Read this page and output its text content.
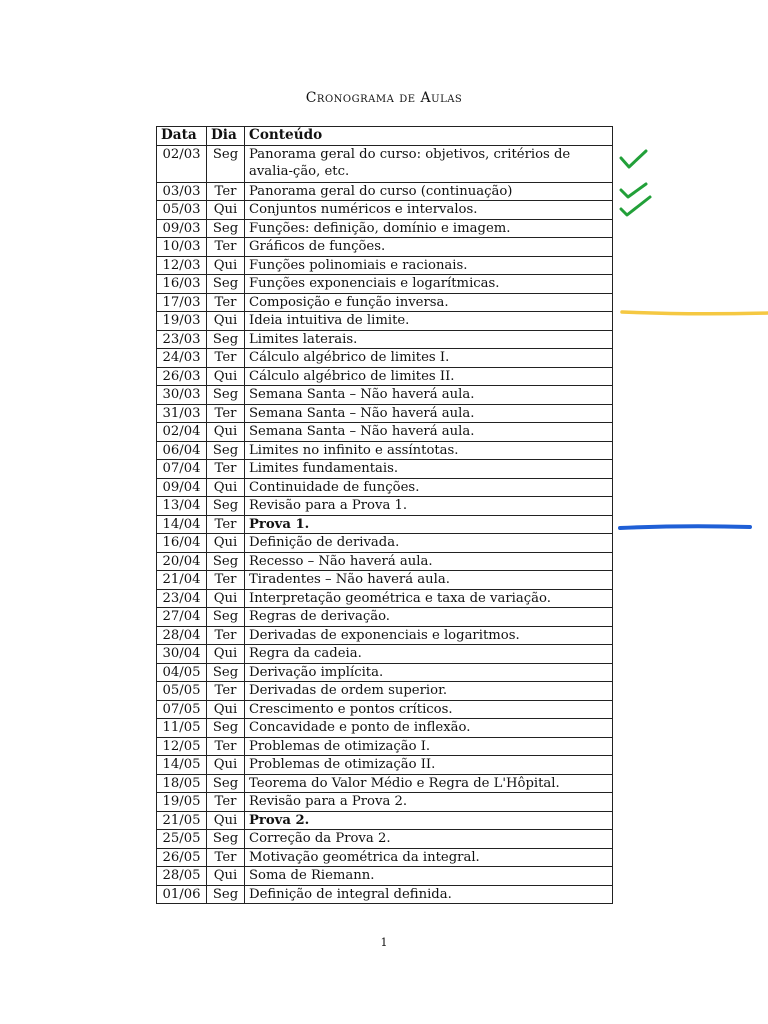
Cronograma de Aulas
Data	Dia	Conteúdo
02/03	Seg	Panorama geral do curso: objetivos, critérios de avalia-ção, etc.
03/03	Ter	Panorama geral do curso (continuação)
05/03	Qui	Conjuntos numéricos e intervalos.
09/03	Seg	Funções: definição, domínio e imagem.
10/03	Ter	Gráficos de funções.
12/03	Qui	Funções polinomiais e racionais.
16/03	Seg	Funções exponenciais e logarítmicas.
17/03	Ter	Composição e função inversa.
19/03	Qui	Ideia intuitiva de limite.
23/03	Seg	Limites laterais.
24/03	Ter	Cálculo algébrico de limites I.
26/03	Qui	Cálculo algébrico de limites II.
30/03	Seg	Semana Santa – Não haverá aula.
31/03	Ter	Semana Santa – Não haverá aula.
02/04	Qui	Semana Santa – Não haverá aula.
06/04	Seg	Limites no infinito e assíntotas.
07/04	Ter	Limites fundamentais.
09/04	Qui	Continuidade de funções.
13/04	Seg	Revisão para a Prova 1.
14/04	Ter	Prova 1.
16/04	Qui	Definição de derivada.
20/04	Seg	Recesso – Não haverá aula.
21/04	Ter	Tiradentes – Não haverá aula.
23/04	Qui	Interpretação geométrica e taxa de variação.
27/04	Seg	Regras de derivação.
28/04	Ter	Derivadas de exponenciais e logaritmos.
30/04	Qui	Regra da cadeia.
04/05	Seg	Derivação implícita.
05/05	Ter	Derivadas de ordem superior.
07/05	Qui	Crescimento e pontos críticos.
11/05	Seg	Concavidade e ponto de inflexão.
12/05	Ter	Problemas de otimização I.
14/05	Qui	Problemas de otimização II.
18/05	Seg	Teorema do Valor Médio e Regra de L'Hôpital.
19/05	Ter	Revisão para a Prova 2.
21/05	Qui	Prova 2.
25/05	Seg	Correção da Prova 2.
26/05	Ter	Motivação geométrica da integral.
28/05	Qui	Soma de Riemann.
01/06	Seg	Definição de integral definida.
1
